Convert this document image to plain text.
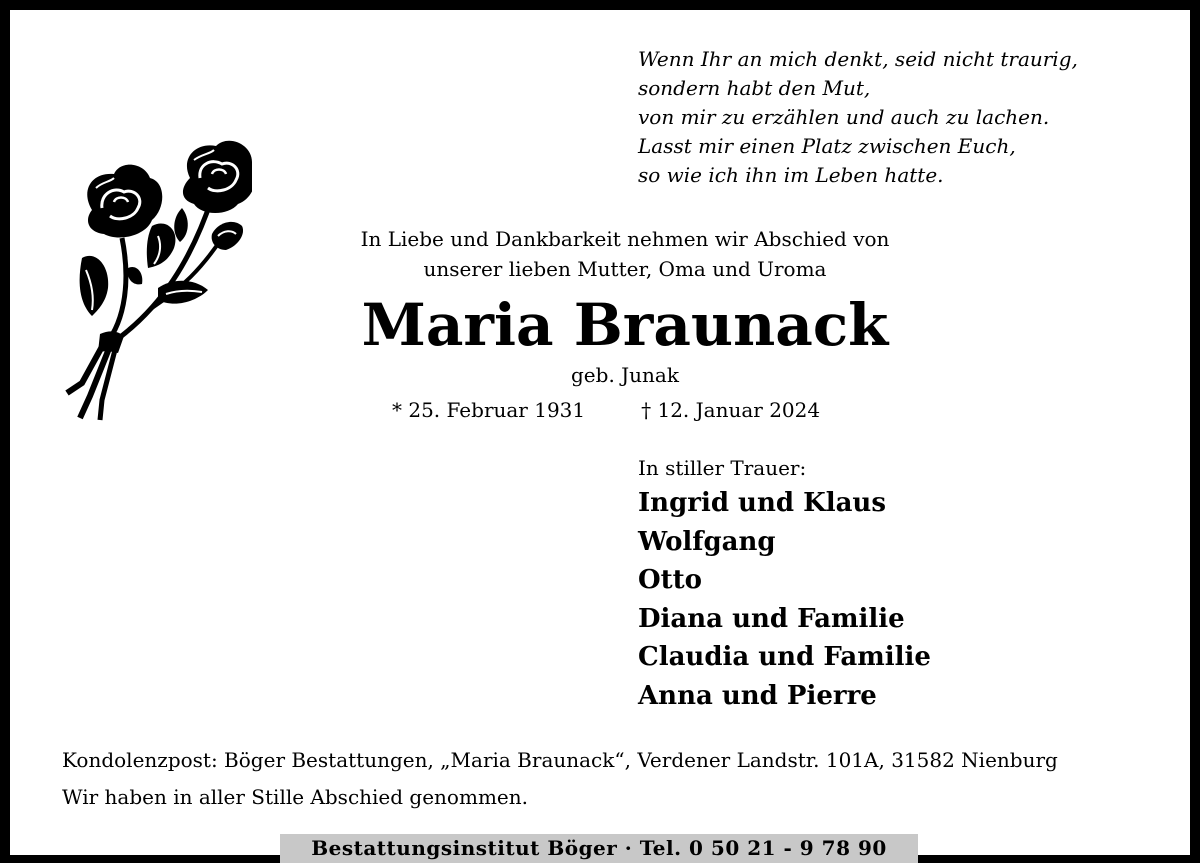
Wenn Ihr an mich denkt, seid nicht traurig,
sondern habt den Mut,
von mir zu erzählen und auch zu lachen.
Lasst mir einen Platz zwischen Euch,
so wie ich ihn im Leben hatte.
In Liebe und Dankbarkeit nehmen wir Abschied von
unserer lieben Mutter, Oma und Uroma
Maria Braunack
geb. Junak
* 25. Februar 1931	† 12. Januar 2024
In stiller Trauer:
Ingrid und Klaus
Wolfgang
Otto
Diana und Familie
Claudia und Familie
Anna und Pierre
Kondolenzpost: Böger Bestattungen, „Maria Braunack“, Verdener Landstr. 101A, 31582 Nienburg
Wir haben in aller Stille Abschied genommen.
Bestattungsinstitut Böger · Tel. 0 50 21 - 9 78 90
